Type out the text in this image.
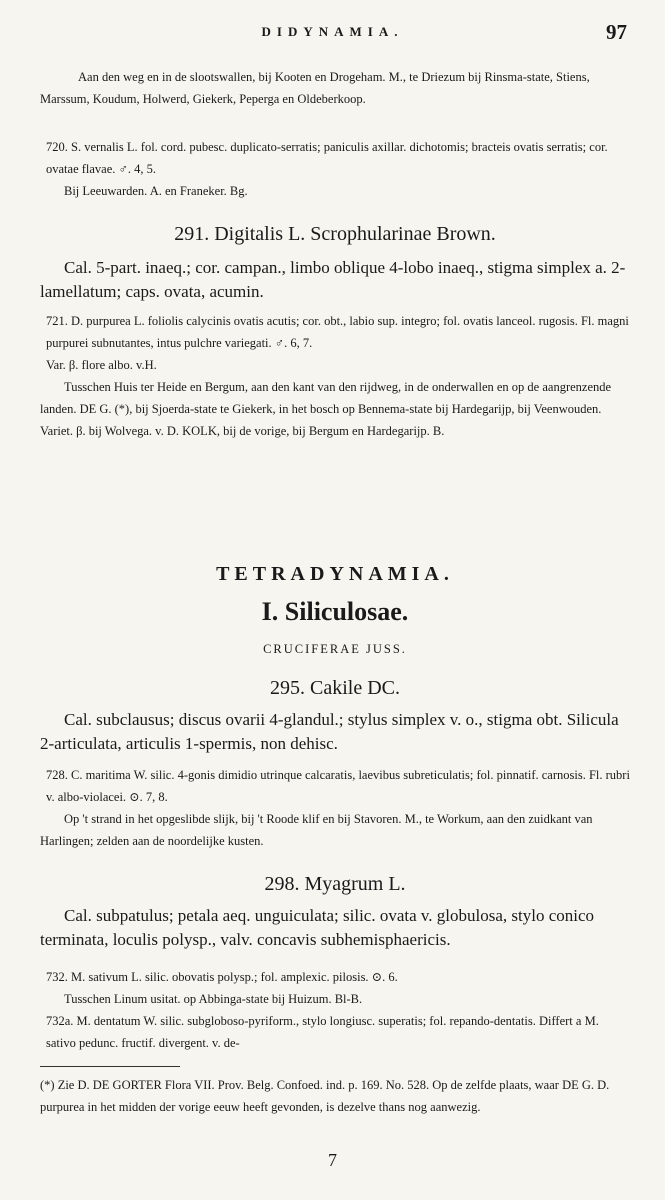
DIDYNAMIA.	97

Aan den weg en in de slootswallen, bij Kooten en Drogeham. M., te Driezum bij Rinsma-state, Stiens, Marssum, Koudum, Holwerd, Giekerk, Peperga en Oldeberkoop.

720. S. vernalis L. fol. cord. pubesc. duplicato-serratis; paniculis axillar. dichotomis; bracteis ovatis serratis; cor. ovatae flavae. ♂. 4, 5.

Bij Leeuwarden. A. en Franeker. Bg.

291. Digitalis L. Scrophularinae Brown.

Cal. 5-part. inaeq.; cor. campan., limbo oblique 4-lobo inaeq., stigma simplex a. 2-lamellatum; caps. ovata, acumin.

721. D. purpurea L. foliolis calycinis ovatis acutis; cor. obt., labio sup. integro; fol. ovatis lanceol. rugosis. Fl. magni purpurei subnutantes, intus pulchre variegati. ♂. 6, 7.

Var. β. flore albo. v.H.

Tusschen Huis ter Heide en Bergum, aan den kant van den rijdweg, in de onderwallen en op de aangrenzende landen. DE G. (*), bij Sjoerda-state te Giekerk, in het bosch op Bennema-state bij Hardegarijp, bij Veenwouden. Variet. β. bij Wolvega. v. D. KOLK, bij de vorige, bij Bergum en Hardegarijp. B.

TETRADYNAMIA.

I. Siliculosae.

CRUCIFERAE JUSS.

295. Cakile DC.

Cal. subclausus; discus ovarii 4-glandul.; stylus simplex v. o., stigma obt. Silicula 2-articulata, articulis 1-spermis, non dehisc.

728. C. maritima W. silic. 4-gonis dimidio utrinque calcaratis, laevibus subreticulatis; fol. pinnatif. carnosis. Fl. rubri v. albo-violacei. ⊙. 7, 8.

Op 't strand in het opgeslibde slijk, bij 't Roode klif en bij Stavoren. M., te Workum, aan den zuidkant van Harlingen; zelden aan de noordelijke kusten.

298. Myagrum L.

Cal. subpatulus; petala aeq. unguiculata; silic. ovata v. globulosa, stylo conico terminata, loculis polysp., valv. concavis subhemisphaericis.

732. M. sativum L. silic. obovatis polysp.; fol. amplexic. pilosis. ⊙. 6.

Tusschen Linum usitat. op Abbinga-state bij Huizum. Bl-B.

732a. M. dentatum W. silic. subgloboso-pyriform., stylo longiusc. superatis; fol. repando-dentatis. Differt a M. sativo pedunc. fructif. divergent. v. de-

(*) Zie D. DE GORTER Flora VII. Prov. Belg. Confoed. ind. p. 169. No. 528. Op de zelfde plaats, waar DE G. D. purpurea in het midden der vorige eeuw heeft gevonden, is dezelve thans nog aanwezig.

7
